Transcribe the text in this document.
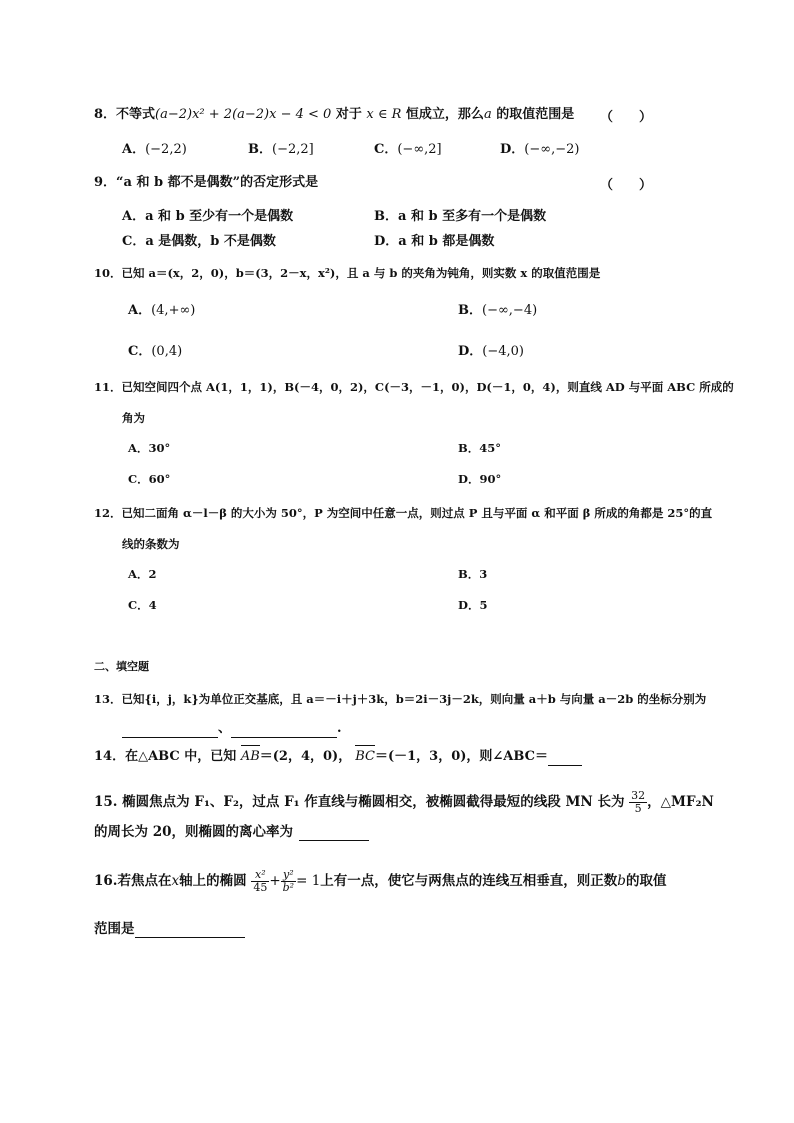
8．不等式(a−2)x² + 2(a−2)x − 4 < 0 对于 x ∈ R 恒成立，那么a 的取值范围是 （　　）
A．(−2,2)	B．(−2,2]	C．(−∞,2]	D．(−∞,−2)
9．“a 和 b 都不是偶数”的否定形式是	（　　）
A．a 和 b 至少有一个是偶数	B．a 和 b 至多有一个是偶数
C．a 是偶数，b 不是偶数	D．a 和 b 都是偶数
10．已知 a＝(x，2，0)，b＝(3，2－x，x²)，且 a 与 b 的夹角为钝角，则实数 x 的取值范围是
A．(4,+∞)	B．(−∞,−4)
C．(0,4)	D．(−4,0)
11．已知空间四个点 A(1，1，1)，B(－4，0，2)，C(－3，－1，0)，D(－1，0，4)，则直线 AD 与平面 ABC 所成的
角为
A．30°	B．45°
C．60°	D．90°
12．已知二面角 α－l－β 的大小为 50°，P 为空间中任意一点，则过点 P 且与平面 α 和平面 β 所成的角都是 25°的直
线的条数为
A．2	B．3
C．4	D．5
二、填空题
13．已知{i，j，k}为单位正交基底，且 a＝－i＋j＋3k，b＝2i－3j－2k，则向量 a＋b 与向量 a－2b 的坐标分别为
、	.
14．在△ABC 中，已知 AB＝(2，4，0)， BC＝(－1，3，0)，则∠ABC＝
15. 椭圆焦点为 F₁、F₂，过点 F₁ 作直线与椭圆相交，被椭圆截得最短的线段 MN 长为 $\frac{32}{5}$ ，△MF₂N
的周长为 20，则椭圆的离心率为
16.若焦点在x轴上的椭圆 $\frac{\text{x²}}{45} + \frac{\text{y²}}{\text{b²}} = 1$上有一点，使它与两焦点的连线互相垂直，则正数b的取值
范围是
